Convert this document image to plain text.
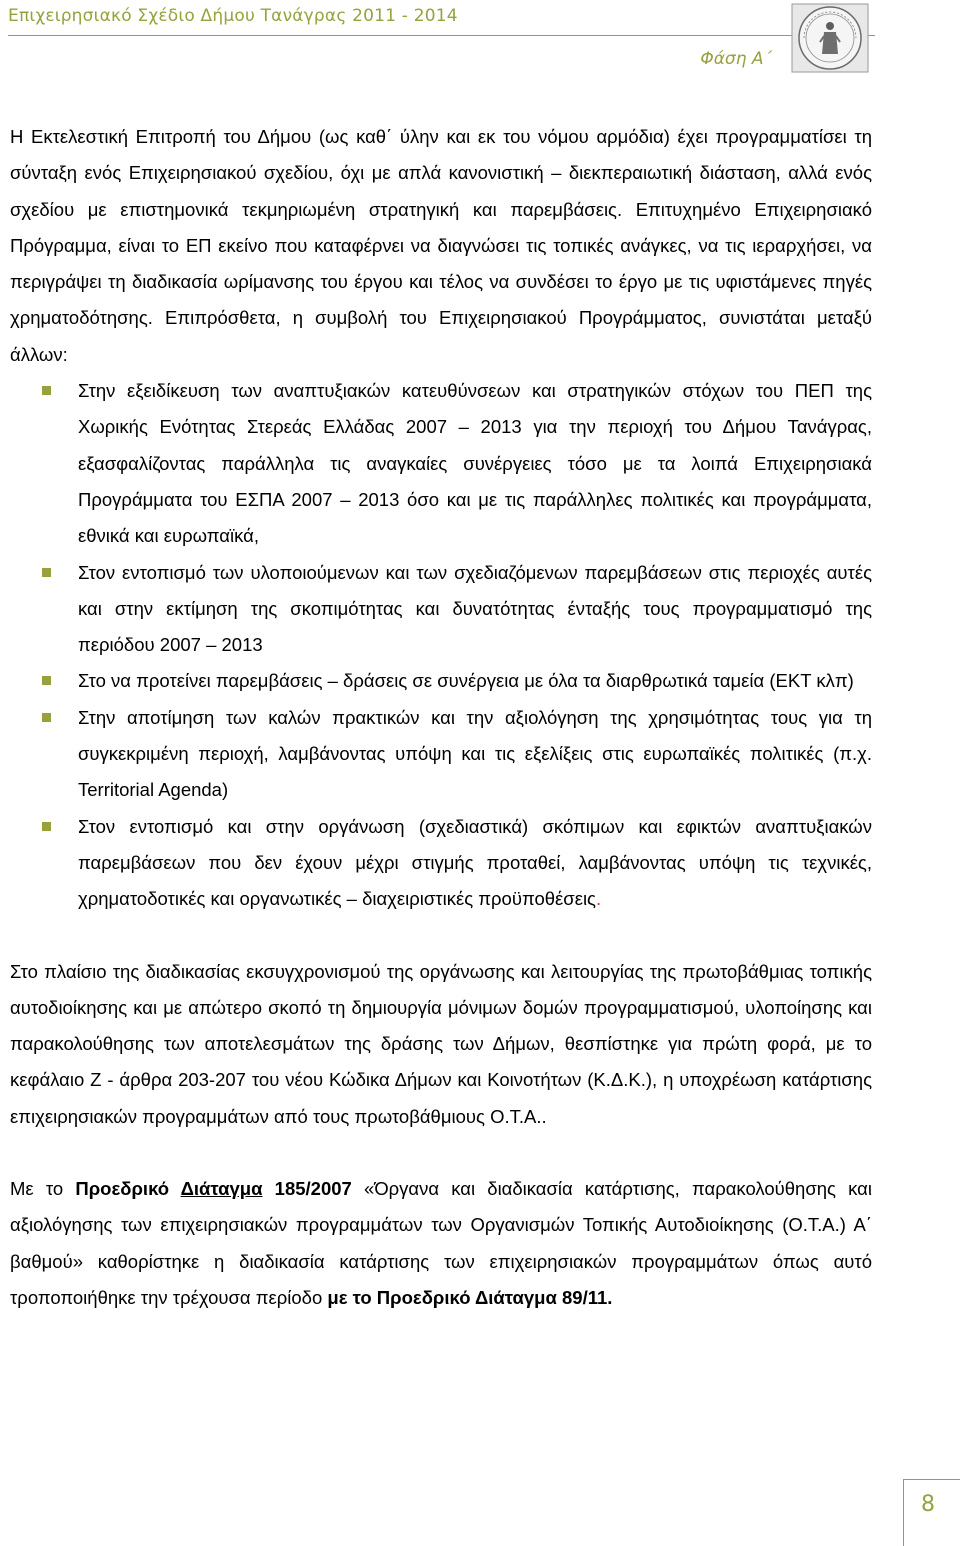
Επιχειρησιακό Σχέδιο Δήμου Τανάγρας 2011 - 2014
Φάση Α΄

Η Εκτελεστική Επιτροπή του Δήμου (ως καθ΄ ύλην και εκ του νόμου αρμόδια) έχει προγραμματίσει τη σύνταξη ενός Επιχειρησιακού σχεδίου, όχι με απλά κανονιστική – διεκπεραιωτική διάσταση, αλλά ενός σχεδίου με επιστημονικά τεκμηριωμένη στρατηγική και παρεμβάσεις. Επιτυχημένο Επιχειρησιακό Πρόγραμμα, είναι το ΕΠ εκείνο που καταφέρνει να διαγνώσει τις τοπικές ανάγκες, να τις ιεραρχήσει, να περιγράψει τη διαδικασία ωρίμανσης του έργου και τέλος να συνδέσει το έργο με τις υφιστάμενες πηγές χρηματοδότησης. Επιπρόσθετα, η συμβολή του Επιχειρησιακού Προγράμματος, συνιστάται μεταξύ άλλων:

Στην εξειδίκευση των αναπτυξιακών κατευθύνσεων και στρατηγικών στόχων του ΠΕΠ της Χωρικής Ενότητας Στερεάς Ελλάδας 2007 – 2013 για την περιοχή του Δήμου Τανάγρας, εξασφαλίζοντας παράλληλα τις αναγκαίες συνέργειες τόσο με τα λοιπά Επιχειρησιακά Προγράμματα του ΕΣΠΑ 2007 – 2013 όσο και με τις παράλληλες πολιτικές και προγράμματα, εθνικά και ευρωπαϊκά,
Στον εντοπισμό των υλοποιούμενων και των σχεδιαζόμενων παρεμβάσεων στις περιοχές αυτές και στην εκτίμηση της σκοπιμότητας και δυνατότητας ένταξής τους προγραμματισμό της περιόδου 2007 – 2013
Στο να προτείνει παρεμβάσεις – δράσεις σε συνέργεια με όλα τα διαρθρωτικά ταμεία (ΕΚΤ κλπ)
Στην αποτίμηση των καλών πρακτικών και την αξιολόγηση της χρησιμότητας τους για τη συγκεκριμένη περιοχή, λαμβάνοντας υπόψη και τις εξελίξεις στις ευρωπαϊκές πολιτικές (π.χ. Territorial Agenda)
Στον εντοπισμό και στην οργάνωση (σχεδιαστικά) σκόπιμων και εφικτών αναπτυξιακών παρεμβάσεων που δεν έχουν μέχρι στιγμής προταθεί, λαμβάνοντας υπόψη τις τεχνικές, χρηματοδοτικές και οργανωτικές – διαχειριστικές προϋποθέσεις.

Στο πλαίσιο της διαδικασίας εκσυγχρονισμού της οργάνωσης και λειτουργίας της πρωτοβάθμιας τοπικής αυτοδιοίκησης και με απώτερο σκοπό τη δημιουργία μόνιμων δομών προγραμματισμού, υλοποίησης και παρακολούθησης των αποτελεσμάτων της δράσης των Δήμων, θεσπίστηκε για πρώτη φορά, με το κεφάλαιο Ζ - άρθρα 203-207 του νέου Κώδικα Δήμων και Κοινοτήτων (Κ.Δ.Κ.), η υποχρέωση κατάρτισης επιχειρησιακών προγραμμάτων από τους πρωτοβάθμιους Ο.Τ.Α..

Με το Προεδρικό Διάταγμα 185/2007 «Όργανα και διαδικασία κατάρτισης, παρακολούθησης και αξιολόγησης των επιχειρησιακών προγραμμάτων των Οργανισμών Τοπικής Αυτοδιοίκησης (Ο.Τ.Α.) Α΄ βαθμού» καθορίστηκε η διαδικασία κατάρτισης των επιχειρησιακών προγραμμάτων όπως αυτό τροποποιήθηκε την τρέχουσα περίοδο με το Προεδρικό Διάταγμα 89/11.

8
